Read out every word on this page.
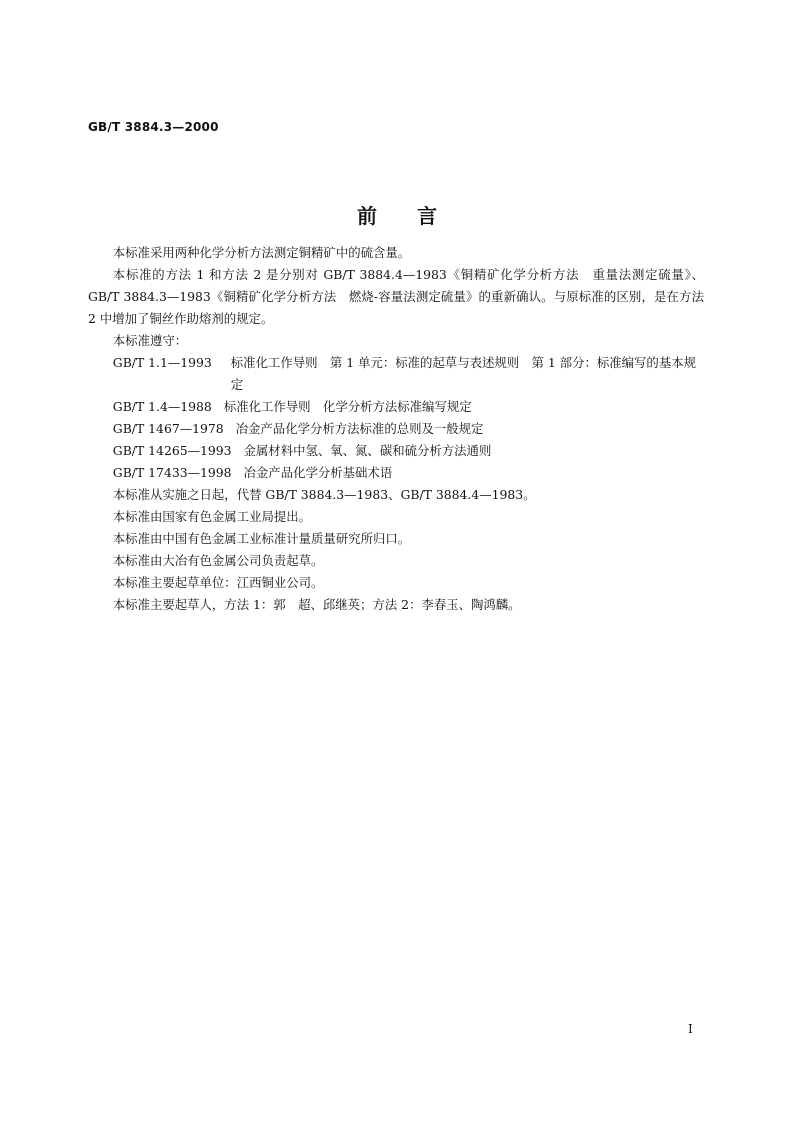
GB/T 3884.3—2000
前　　言

本标准采用两种化学分析方法测定铜精矿中的硫含量。

本标准的方法 1 和方法 2 是分别对 GB/T 3884.4—1983《铜精矿化学分析方法　重量法测定硫量》、GB/T 3884.3—1983《铜精矿化学分析方法　燃烧-容量法测定硫量》的重新确认。与原标准的区别，是在方法 2 中增加了铜丝作助熔剂的规定。

本标准遵守：

GB/T 1.1—1993	标准化工作导则　第 1 单元：标准的起草与表述规则　第 1 部分：标准编写的基本规定
GB/T 1.4—1988 标准化工作导则　化学分析方法标准编写规定
GB/T 1467—1978 冶金产品化学分析方法标准的总则及一般规定
GB/T 14265—1993 金属材料中氢、氧、氮、碳和硫分析方法通则
GB/T 17433—1998 冶金产品化学分析基础术语

本标准从实施之日起，代替 GB/T 3884.3—1983、GB/T 3884.4—1983。

本标准由国家有色金属工业局提出。

本标准由中国有色金属工业标准计量质量研究所归口。

本标准由大冶有色金属公司负责起草。

本标准主要起草单位：江西铜业公司。

本标准主要起草人，方法 1：郭　超、邱继英；方法 2：李春玉、陶鸿麟。

I
